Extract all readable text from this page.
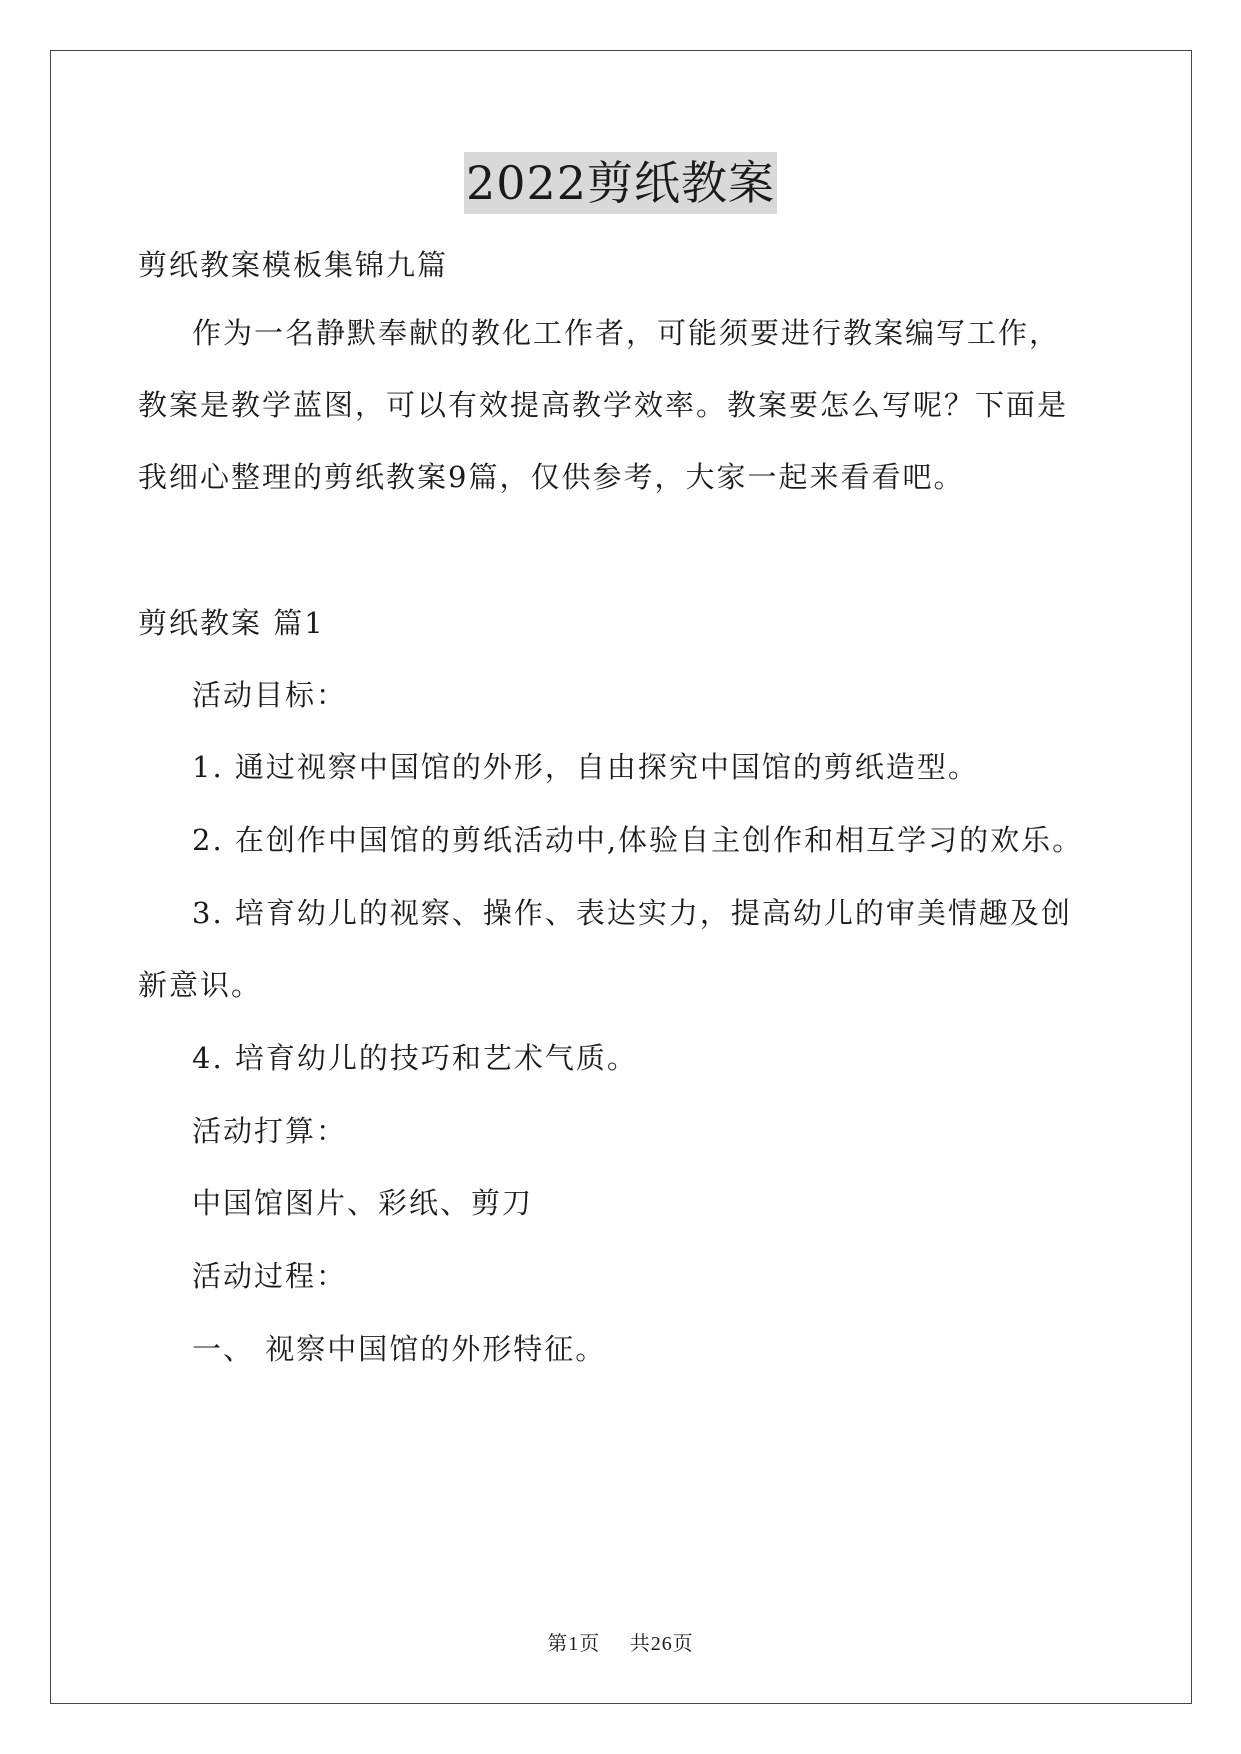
2022剪纸教案
剪纸教案模板集锦九篇
作为一名静默奉献的教化工作者，可能须要进行教案编写工作，
教案是教学蓝图，可以有效提高教学效率。教案要怎么写呢？下面是
我细心整理的剪纸教案9篇，仅供参考，大家一起来看看吧。
剪纸教案 篇1
活动目标：
1. 通过视察中国馆的外形，自由探究中国馆的剪纸造型。
2. 在创作中国馆的剪纸活动中,体验自主创作和相互学习的欢乐。
3. 培育幼儿的视察、操作、表达实力，提高幼儿的审美情趣及创
新意识。
4. 培育幼儿的技巧和艺术气质。
活动打算：
中国馆图片、彩纸、剪刀
活动过程：
一、 视察中国馆的外形特征。
第1页 共26页
